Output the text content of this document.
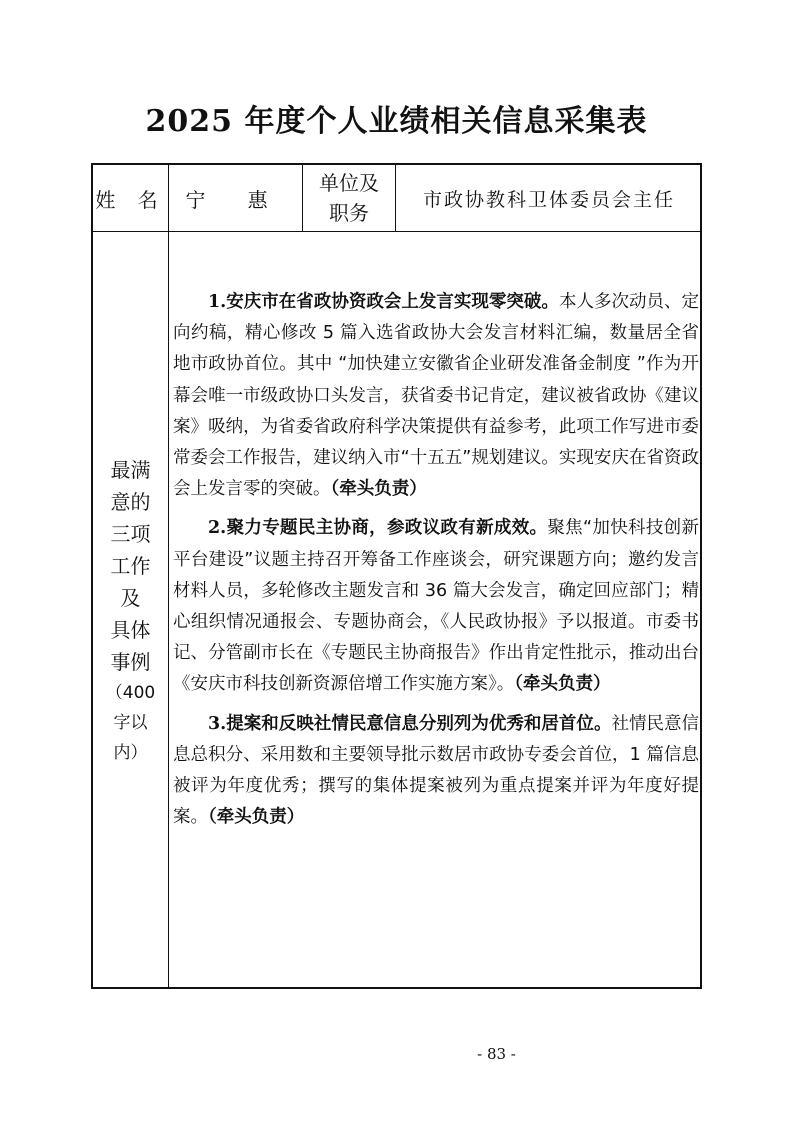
2025 年度个人业绩相关信息采集表
姓 名 宁 惠
单位及
职务
市政协教科卫体委员会主任
最满
意的
三项
工作
及
具体
事例
（400
字以
内）

1.安庆市在省政协资政会上发言实现零突破。本人多次动员、定向约稿，精心修改 5 篇入选省政协大会发言材料汇编，数量居全省地市政协首位。其中 “加快建立安徽省企业研发准备金制度 ”作为开幕会唯一市级政协口头发言，获省委书记肯定，建议被省政协《建议案》吸纳，为省委省政府科学决策提供有益参考，此项工作写进市委常委会工作报告，建议纳入市“十五五”规划建议。实现安庆在省资政会上发言零的突破。（牵头负责）

2.聚力专题民主协商，参政议政有新成效。聚焦“加快科技创新平台建设”议题主持召开筹备工作座谈会，研究课题方向；邀约发言材料人员，多轮修改主题发言和 36 篇大会发言，确定回应部门；精心组织情况通报会、专题协商会，《人民政协报》予以报道。市委书记、分管副市长在《专题民主协商报告》作出肯定性批示，推动出台《安庆市科技创新资源倍增工作实施方案》。（牵头负责）

3.提案和反映社情民意信息分别列为优秀和居首位。社情民意信息总积分、采用数和主要领导批示数居市政协专委会首位，1 篇信息被评为年度优秀；撰写的集体提案被列为重点提案并评为年度好提案。（牵头负责）

- 83 -
